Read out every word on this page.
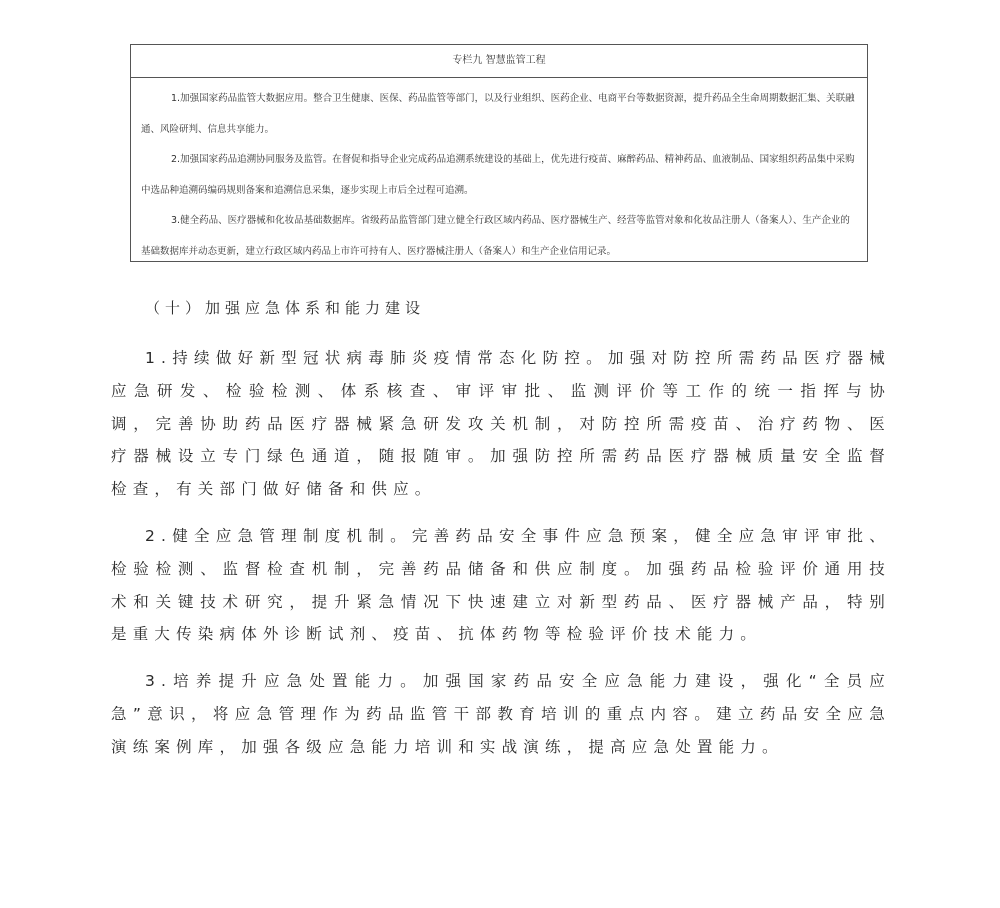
专栏九 智慧监管工程

1.加强国家药品监管大数据应用。整合卫生健康、医保、药品监管等部门，以及行业组织、医药企业、电商平台等数据资源，提升药品全生命周期数据汇集、关联融通、风险研判、信息共享能力。

2.加强国家药品追溯协同服务及监管。在督促和指导企业完成药品追溯系统建设的基础上，优先进行疫苗、麻醉药品、精神药品、血液制品、国家组织药品集中采购中选品种追溯码编码规则备案和追溯信息采集，逐步实现上市后全过程可追溯。

3.健全药品、医疗器械和化妆品基础数据库。省级药品监管部门建立健全行政区域内药品、医疗器械生产、经营等监管对象和化妆品注册人（备案人）、生产企业的基础数据库并动态更新，建立行政区域内药品上市许可持有人、医疗器械注册人（备案人）和生产企业信用记录。

（十）加强应急体系和能力建设

1.持续做好新型冠状病毒肺炎疫情常态化防控。加强对防控所需药品医疗器械应急研发、检验检测、体系核查、审评审批、监测评价等工作的统一指挥与协调，完善协助药品医疗器械紧急研发攻关机制，对防控所需疫苗、治疗药物、医疗器械设立专门绿色通道，随报随审。加强防控所需药品医疗器械质量安全监督检查，有关部门做好储备和供应。

2.健全应急管理制度机制。完善药品安全事件应急预案，健全应急审评审批、检验检测、监督检查机制，完善药品储备和供应制度。加强药品检验评价通用技术和关键技术研究，提升紧急情况下快速建立对新型药品、医疗器械产品，特别是重大传染病体外诊断试剂、疫苗、抗体药物等检验评价技术能力。

3.培养提升应急处置能力。加强国家药品安全应急能力建设，强化“全员应急”意识，将应急管理作为药品监管干部教育培训的重点内容。建立药品安全应急演练案例库，加强各级应急能力培训和实战演练，提高应急处置能力。
